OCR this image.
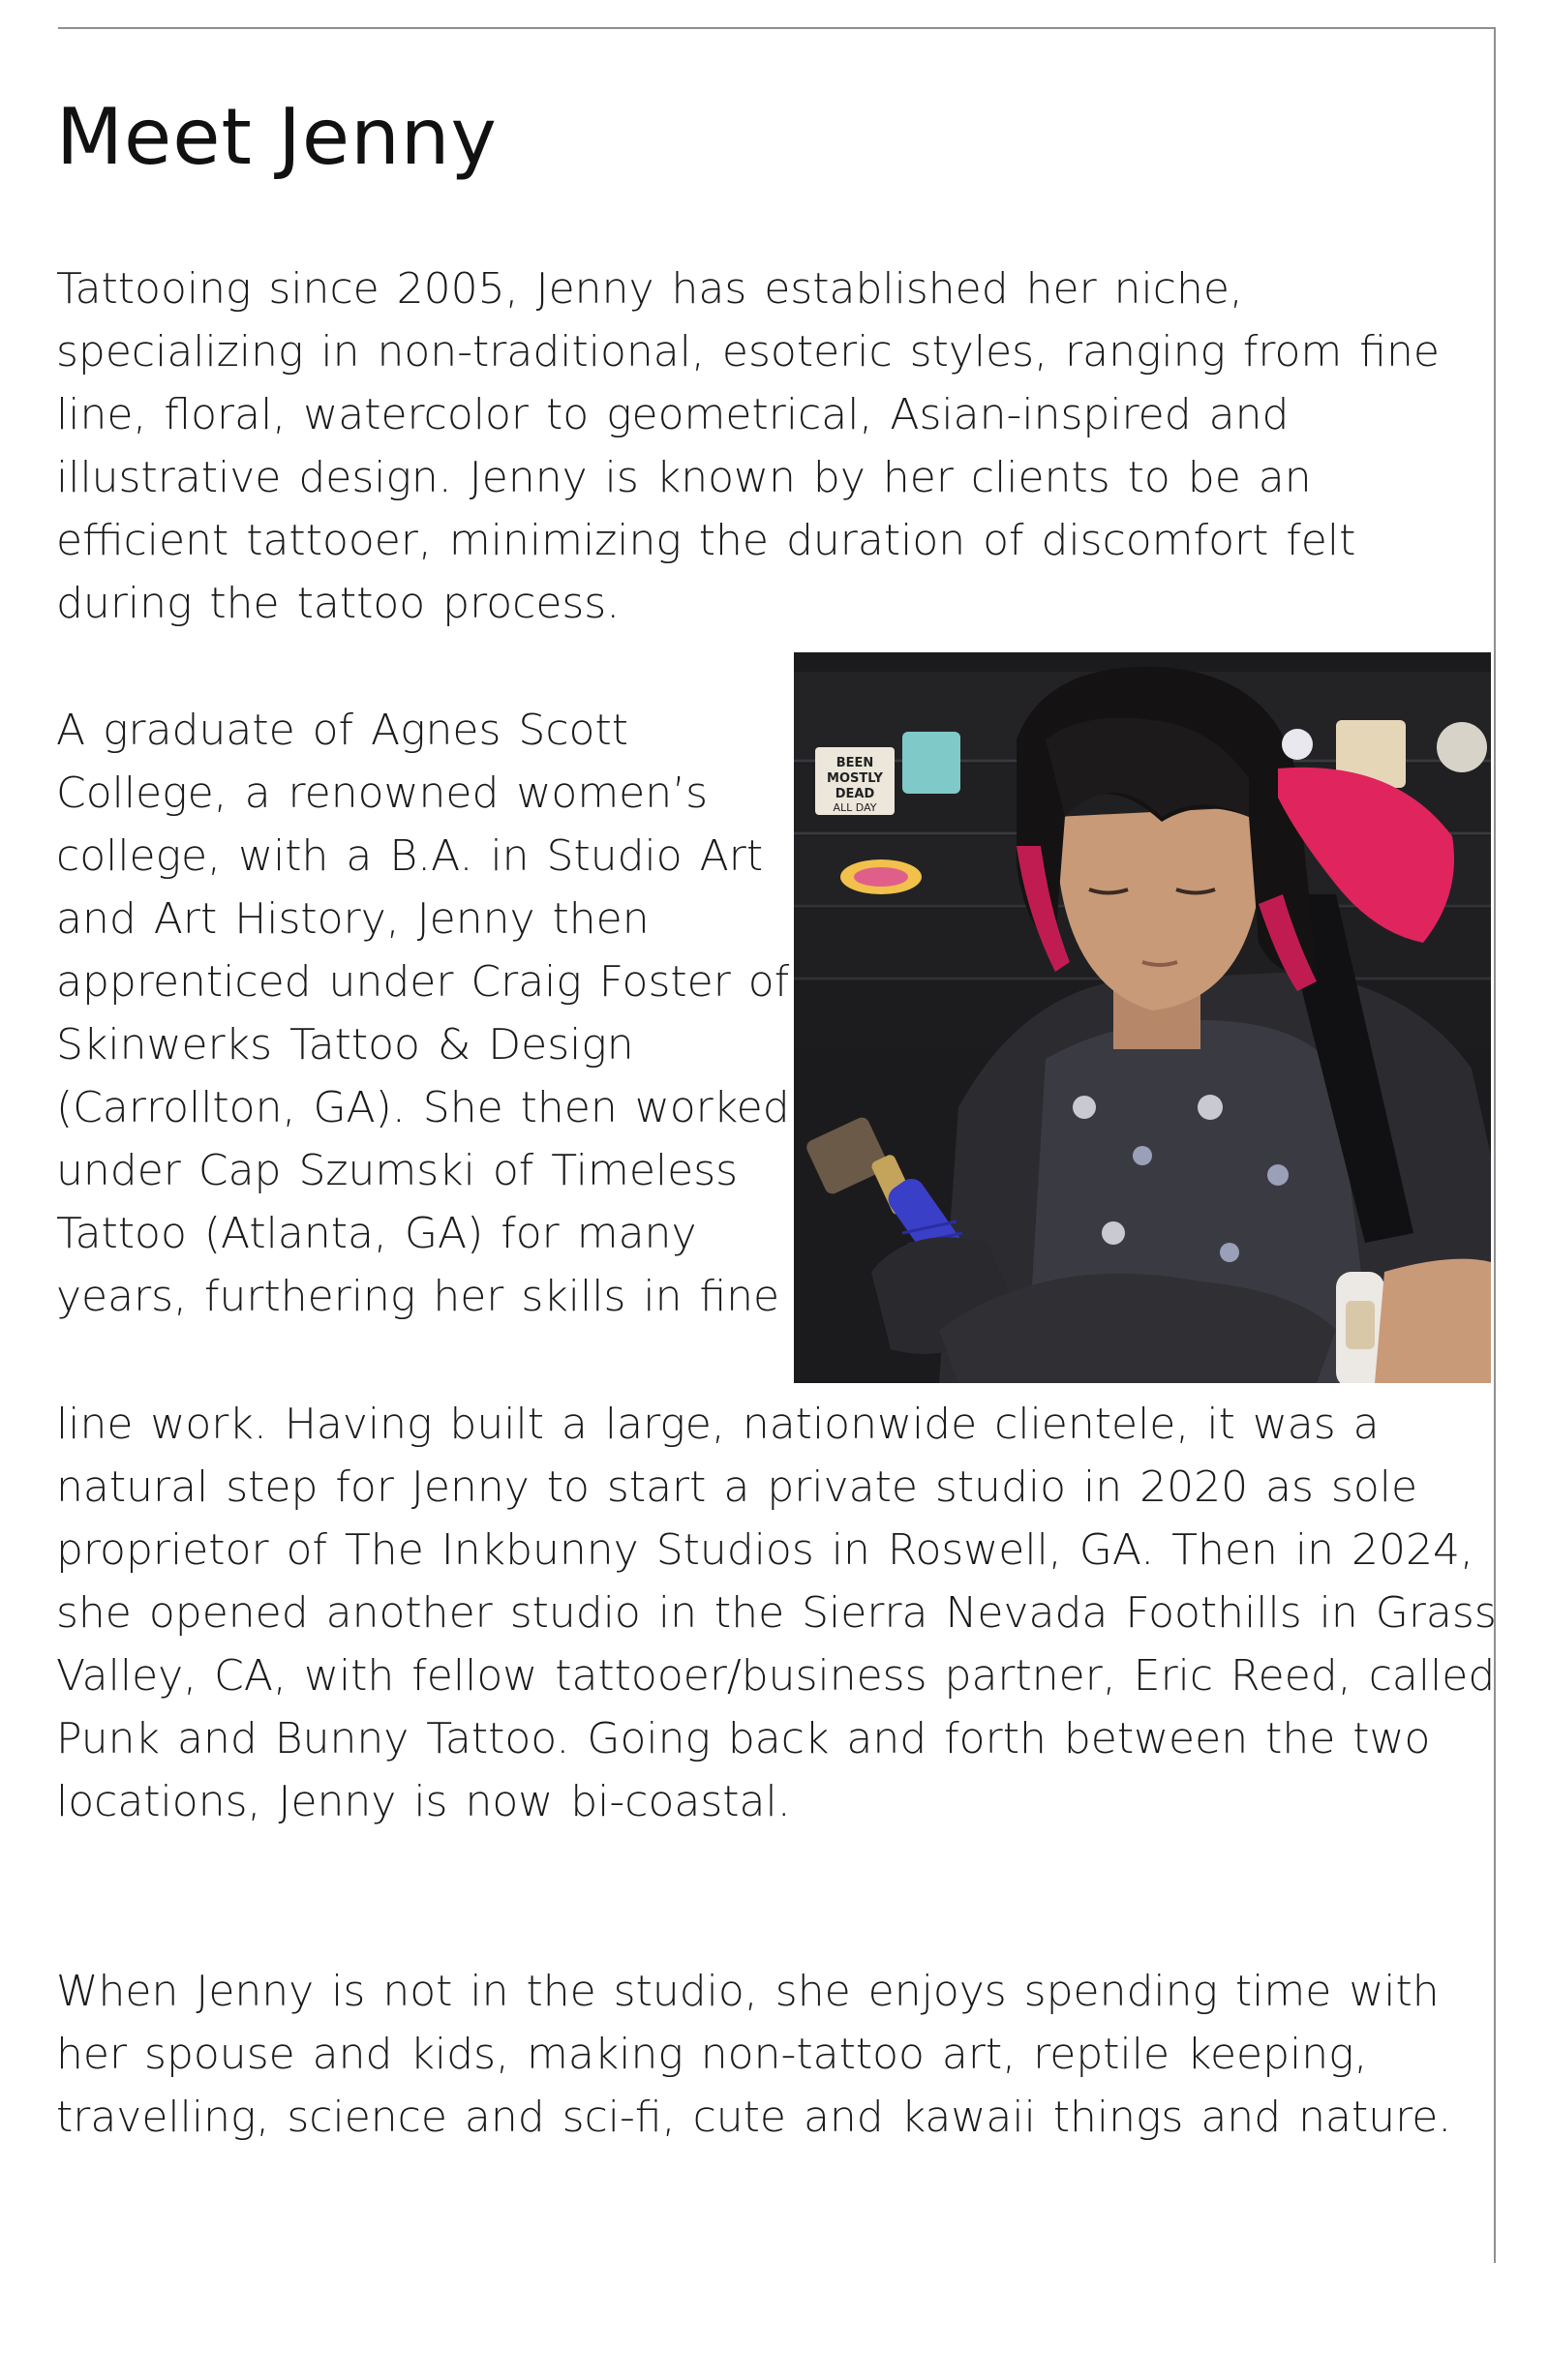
Meet Jenny

Tattooing since 2005, Jenny has established her niche, specializing in non-traditional, esoteric styles, ranging from fine line, floral, watercolor to geometrical, Asian-inspired and illustrative design. Jenny is known by her clients to be an efficient tattooer, minimizing the duration of discomfort felt during the tattoo process.

BEEN
MOSTLY
DEAD
ALL DAY

A graduate of Agnes Scott College, a renowned women’s college, with a B.A. in Studio Art and Art History, Jenny then apprenticed under Craig Foster of Skinwerks Tattoo & Design (Carrollton, GA). She then worked under Cap Szumski of Timeless Tattoo (Atlanta, GA) for many years, furthering her skills in fine

line work. Having built a large, nationwide clientele, it was a natural step for Jenny to start a private studio in 2020 as sole proprietor of The Inkbunny Studios in Roswell, GA. Then in 2024, she opened another studio in the Sierra Nevada Foothills in Grass Valley, CA, with fellow tattooer/business partner, Eric Reed, called Punk and Bunny Tattoo. Going back and forth between the two locations, Jenny is now bi-coastal.

When Jenny is not in the studio, she enjoys spending time with her spouse and kids, making non-tattoo art, reptile keeping, travelling, science and sci-fi, cute and kawaii things and nature.
